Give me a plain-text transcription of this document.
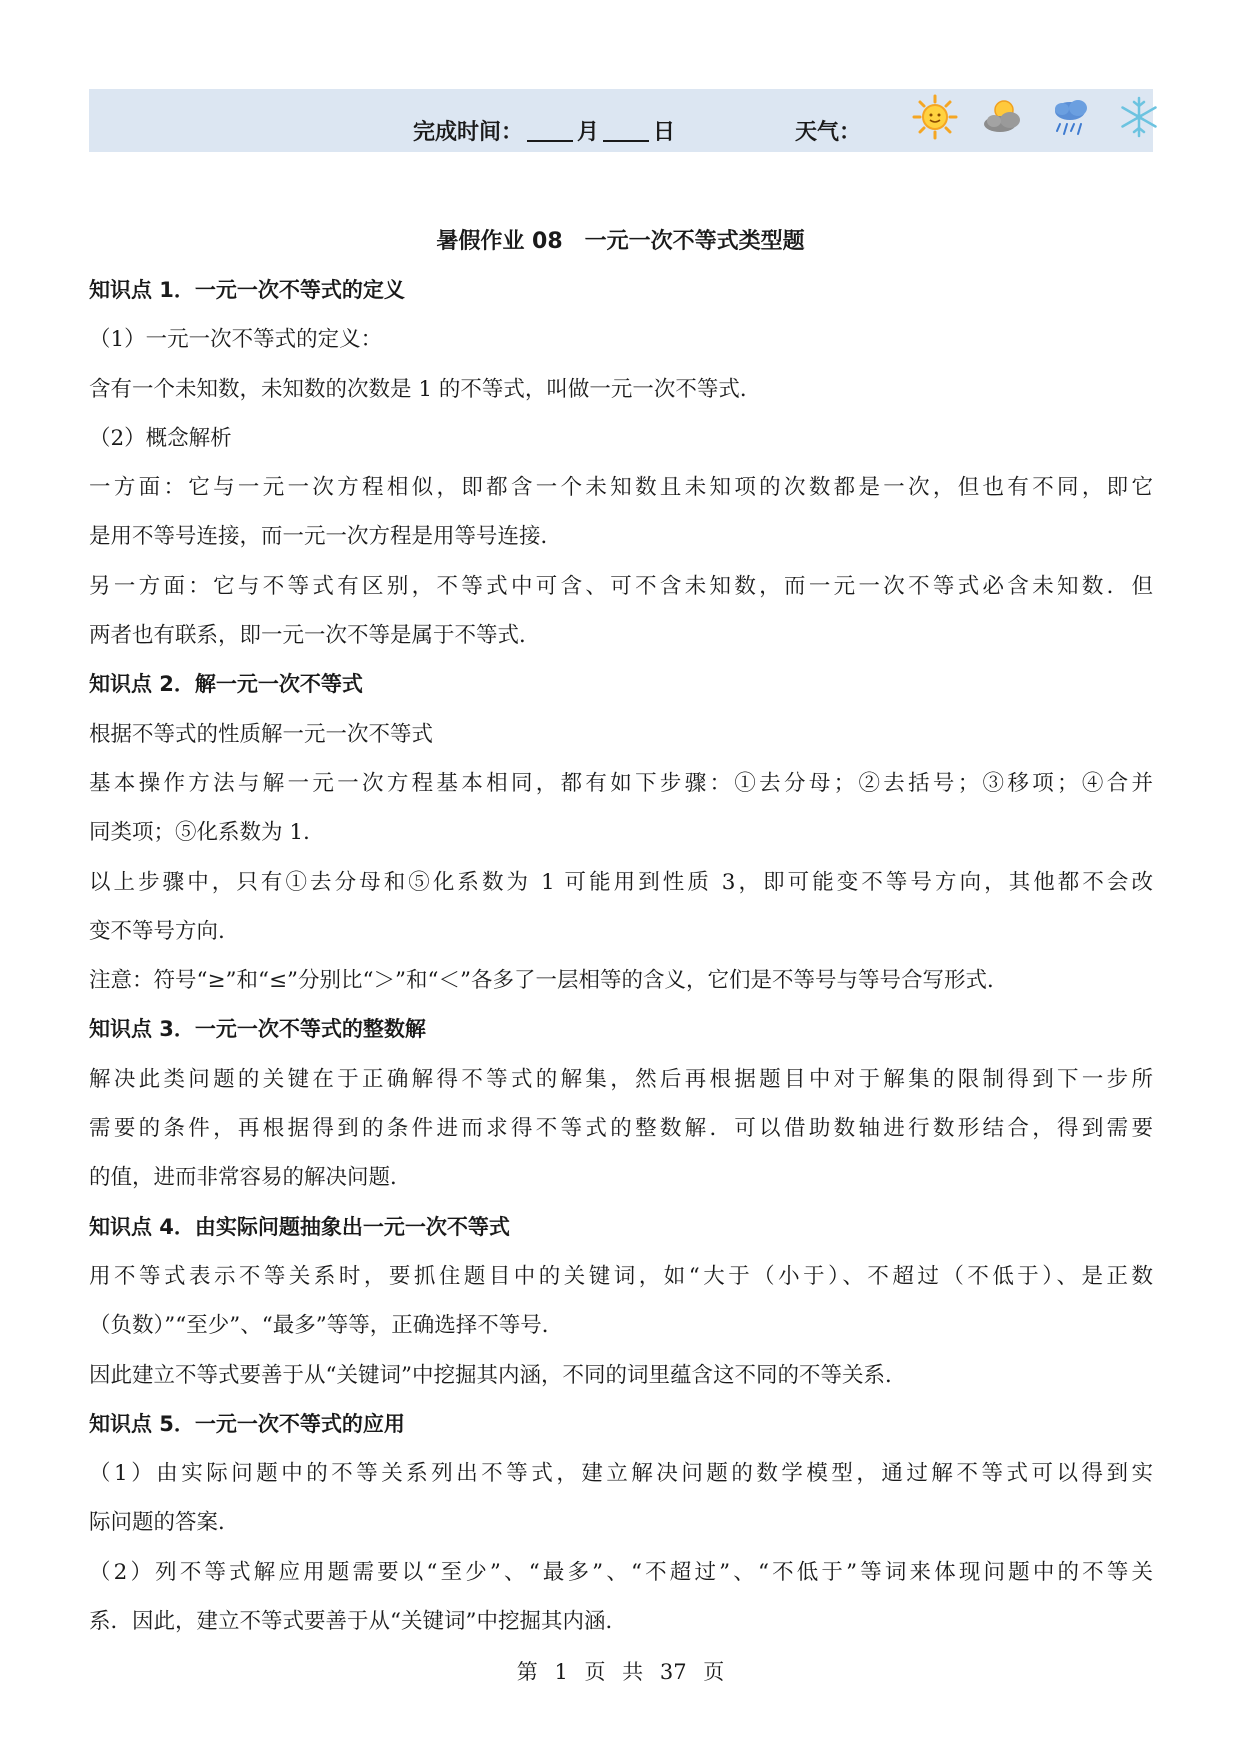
完成时间： 月 日	天气：
暑假作业 08　一元一次不等式类型题
知识点 1．一元一次不等式的定义
（1）一元一次不等式的定义：
含有一个未知数，未知数的次数是 1 的不等式，叫做一元一次不等式．
（2）概念解析
一方面：它与一元一次方程相似，即都含一个未知数且未知项的次数都是一次，但也有不同，即它
是用不等号连接，而一元一次方程是用等号连接．
另一方面：它与不等式有区别，不等式中可含、可不含未知数，而一元一次不等式必含未知数．但
两者也有联系，即一元一次不等是属于不等式．
知识点 2．解一元一次不等式
根据不等式的性质解一元一次不等式
基本操作方法与解一元一次方程基本相同，都有如下步骤：①去分母；②去括号；③移项；④合并
同类项；⑤化系数为 1.
以上步骤中，只有①去分母和⑤化系数为 1 可能用到性质 3，即可能变不等号方向，其他都不会改
变不等号方向.
注意：符号“≥”和“≤”分别比“＞”和“＜”各多了一层相等的含义，它们是不等号与等号合写形式．
知识点 3．一元一次不等式的整数解
解决此类问题的关键在于正确解得不等式的解集，然后再根据题目中对于解集的限制得到下一步所
需要的条件，再根据得到的条件进而求得不等式的整数解．可以借助数轴进行数形结合，得到需要
的值，进而非常容易的解决问题．
知识点 4．由实际问题抽象出一元一次不等式
用不等式表示不等关系时，要抓住题目中的关键词，如“大于（小于）、不超过（不低于）、是正数
（负数）”“至少”、“最多”等等，正确选择不等号．
因此建立不等式要善于从“关键词”中挖掘其内涵，不同的词里蕴含这不同的不等关系．
知识点 5．一元一次不等式的应用
（1）由实际问题中的不等关系列出不等式，建立解决问题的数学模型，通过解不等式可以得到实
际问题的答案．
（2）列不等式解应用题需要以“至少”、“最多”、“不超过”、“不低于”等词来体现问题中的不等关
系．因此，建立不等式要善于从“关键词”中挖掘其内涵．
第 1 页 共 37 页
